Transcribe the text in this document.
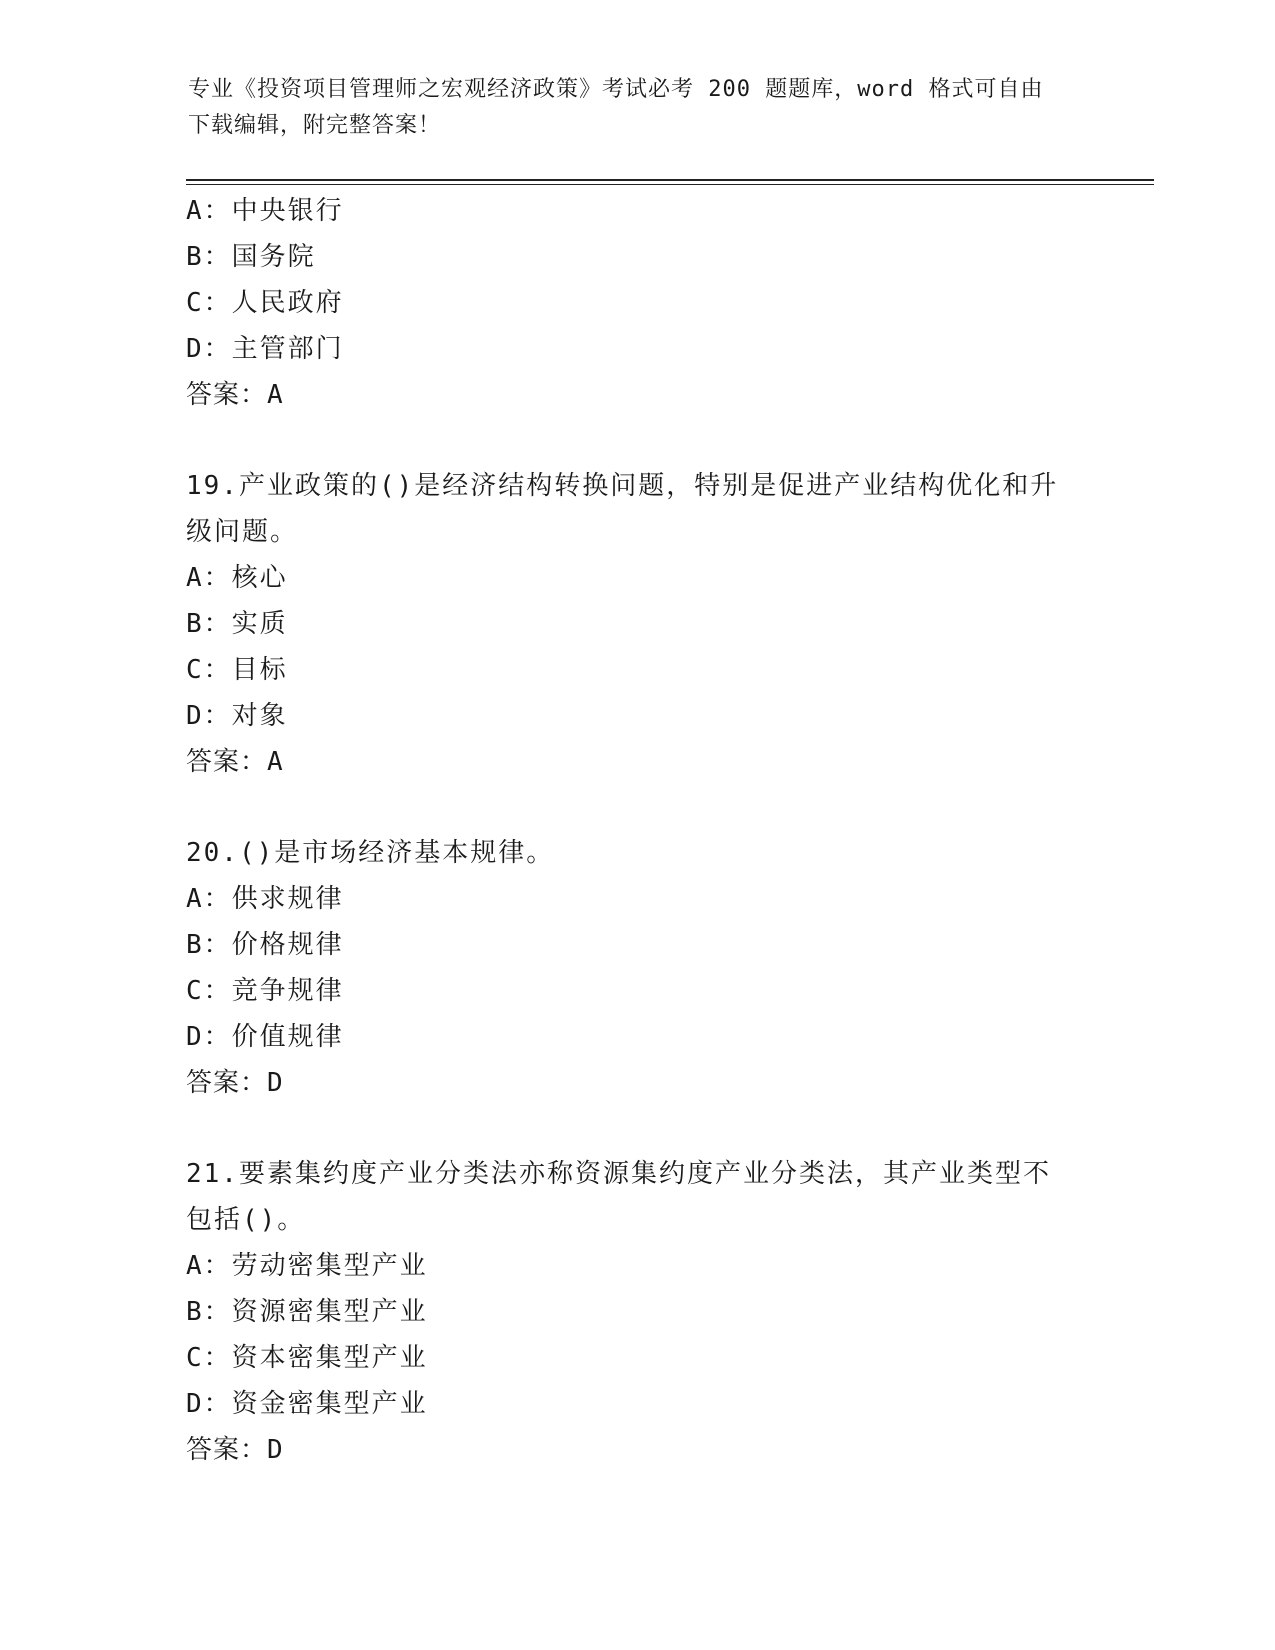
专业《投资项目管理师之宏观经济政策》考试必考 200 题题库，word 格式可自由
下载编辑，附完整答案！
A：中央银行
B：国务院
C：人民政府
D：主管部门
答案：A
19.产业政策的()是经济结构转换问题，特别是促进产业结构优化和升
级问题。
A：核心
B：实质
C：目标
D：对象
答案：A
20.()是市场经济基本规律。
A：供求规律
B：价格规律
C：竞争规律
D：价值规律
答案：D
21.要素集约度产业分类法亦称资源集约度产业分类法，其产业类型不
包括()。
A：劳动密集型产业
B：资源密集型产业
C：资本密集型产业
D：资金密集型产业
答案：D
